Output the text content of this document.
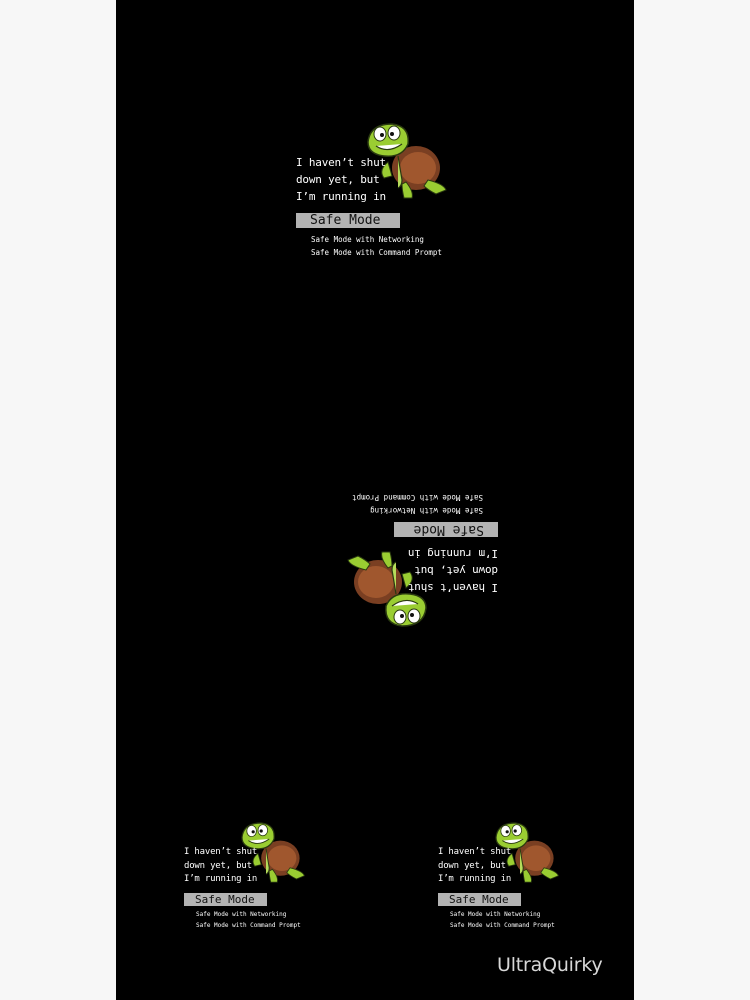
I haven’t shut
down yet, but
I’m running in
Safe Mode
Safe Mode with Networking
Safe Mode with Command Prompt
I haven’t shut
down yet, but
I’m running in
Safe Mode
Safe Mode with Networking
Safe Mode with Command Prompt
I haven’t shut
down yet, but
I’m running in
Safe Mode
Safe Mode with Networking
Safe Mode with Command Prompt
I haven’t shut
down yet, but
I’m running in
Safe Mode
Safe Mode with Networking
Safe Mode with Command Prompt
UltraQuirky
